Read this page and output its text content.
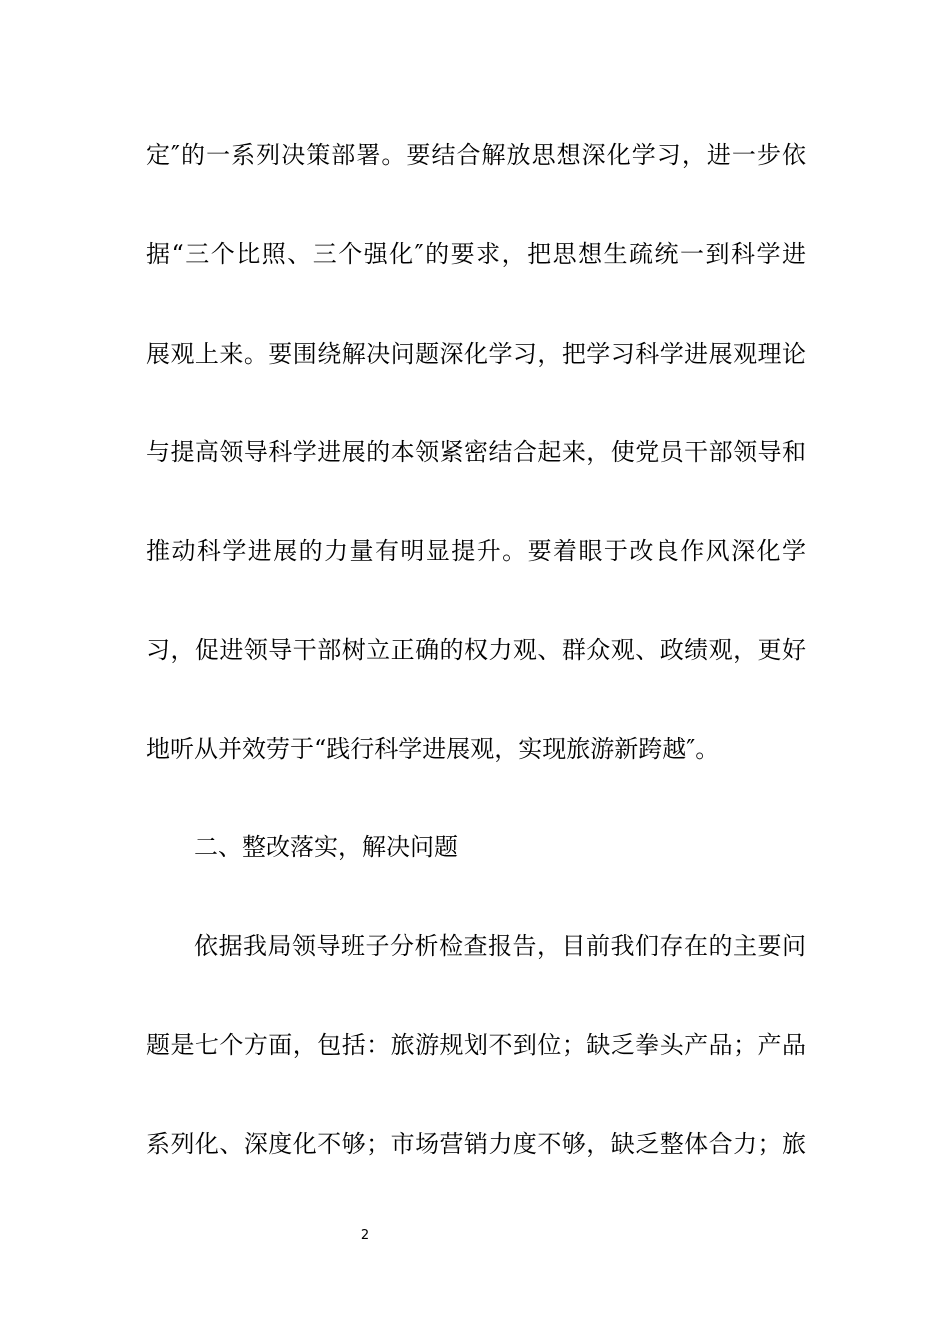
定″的一系列决策部署。要结合解放思想深化学习，进一步依
据“三个比照、三个强化″的要求，把思想生疏统一到科学进
展观上来。要围绕解决问题深化学习，把学习科学进展观理论
与提高领导科学进展的本领紧密结合起来，使党员干部领导和
推动科学进展的力量有明显提升。要着眼于改良作风深化学
习，促进领导干部树立正确的权力观、群众观、政绩观，更好
地听从并效劳于“践行科学进展观，实现旅游新跨越″。
二、整改落实，解决问题
依据我局领导班子分析检查报告，目前我们存在的主要问
题是七个方面，包括：旅游规划不到位；缺乏拳头产品；产品
系列化、深度化不够；市场营销力度不够，缺乏整体合力；旅
2
